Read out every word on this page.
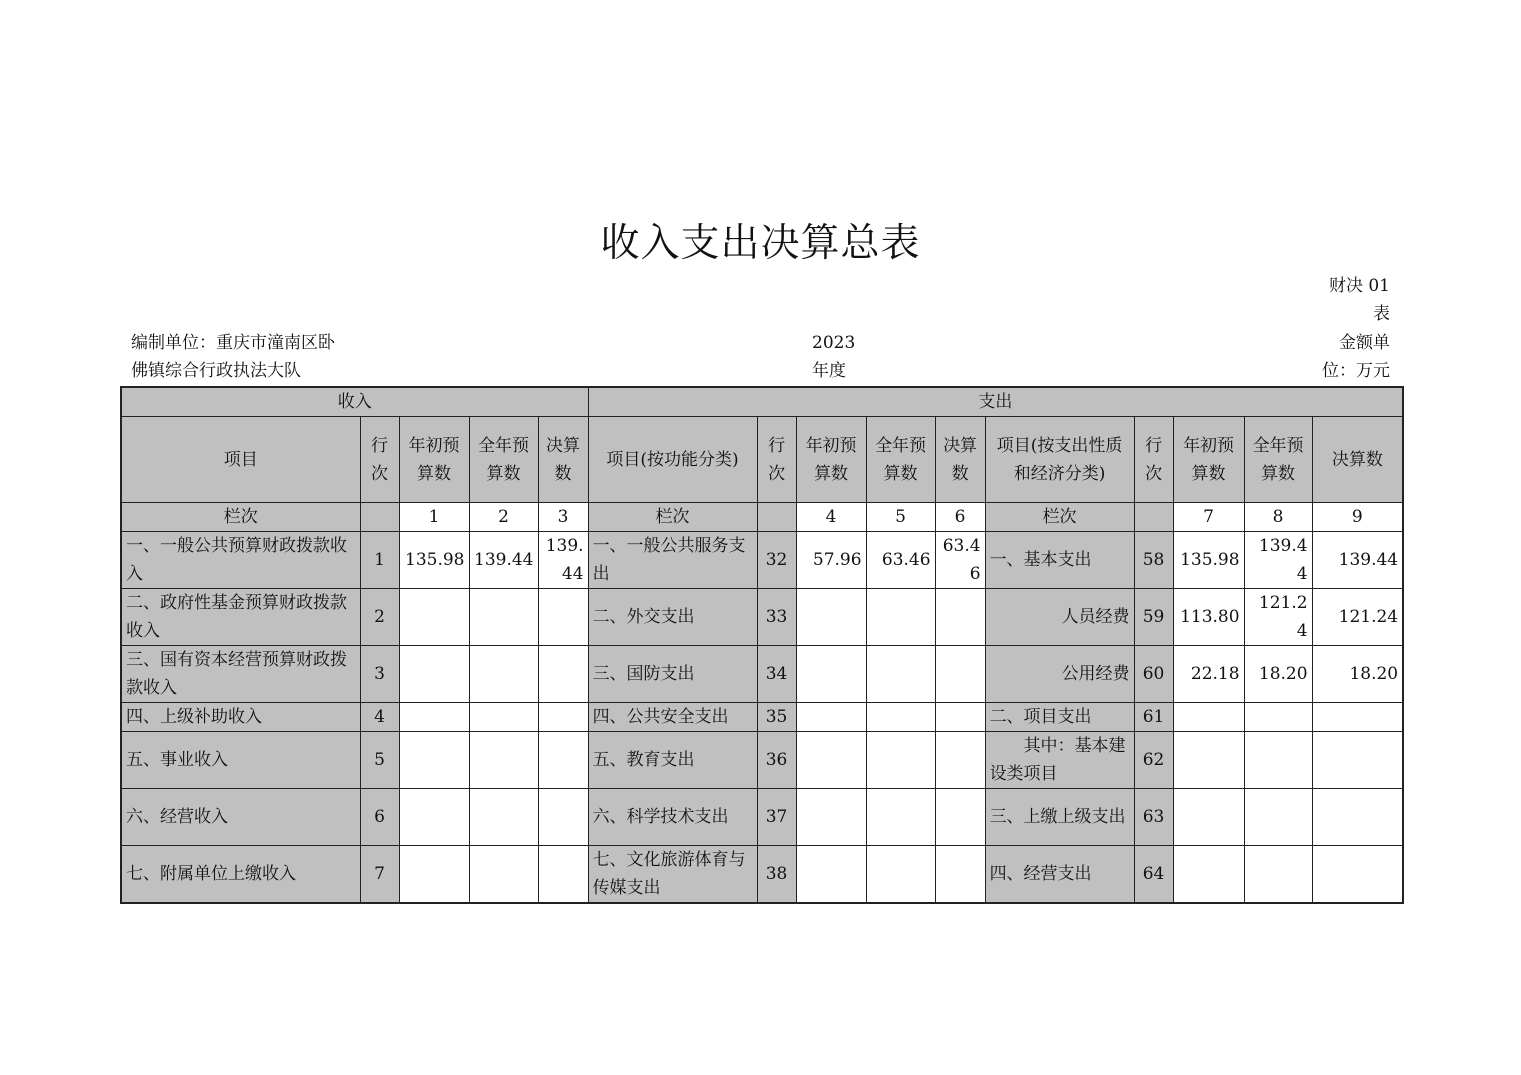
收入支出决算总表
财决 01
表
编制单位：重庆市潼南区卧
佛镇综合行政执法大队
2023
年度
金额单
位：万元
收入					支出									
项目	行次	年初预算数	全年预算数	决算数	项目(按功能分类)	行次	年初预算数	全年预算数	决算数	项目(按支出性质和经济分类)	行次	年初预算数	全年预算数	决算数
栏次		1	2	3	栏次		4	5	6	栏次		7	8	9
一、一般公共预算财政拨款收入	1	135.98	139.44	139.44	一、一般公共服务支出	32	57.96	63.46	63.46	一、基本支出	58	135.98	139.44	139.44
二、政府性基金预算财政拨款收入	2				二、外交支出	33				人员经费	59	113.80	121.24	121.24
三、国有资本经营预算财政拨款收入	3				三、国防支出	34				公用经费	60	22.18	18.20	18.20
四、上级补助收入	4				四、公共安全支出	35				二、项目支出	61			
五、事业收入	5				五、教育支出	36				其中：基本建设类项目	62			
六、经营收入	6				六、科学技术支出	37				三、上缴上级支出	63			
七、附属单位上缴收入	7				七、文化旅游体育与传媒支出	38				四、经营支出	64			
